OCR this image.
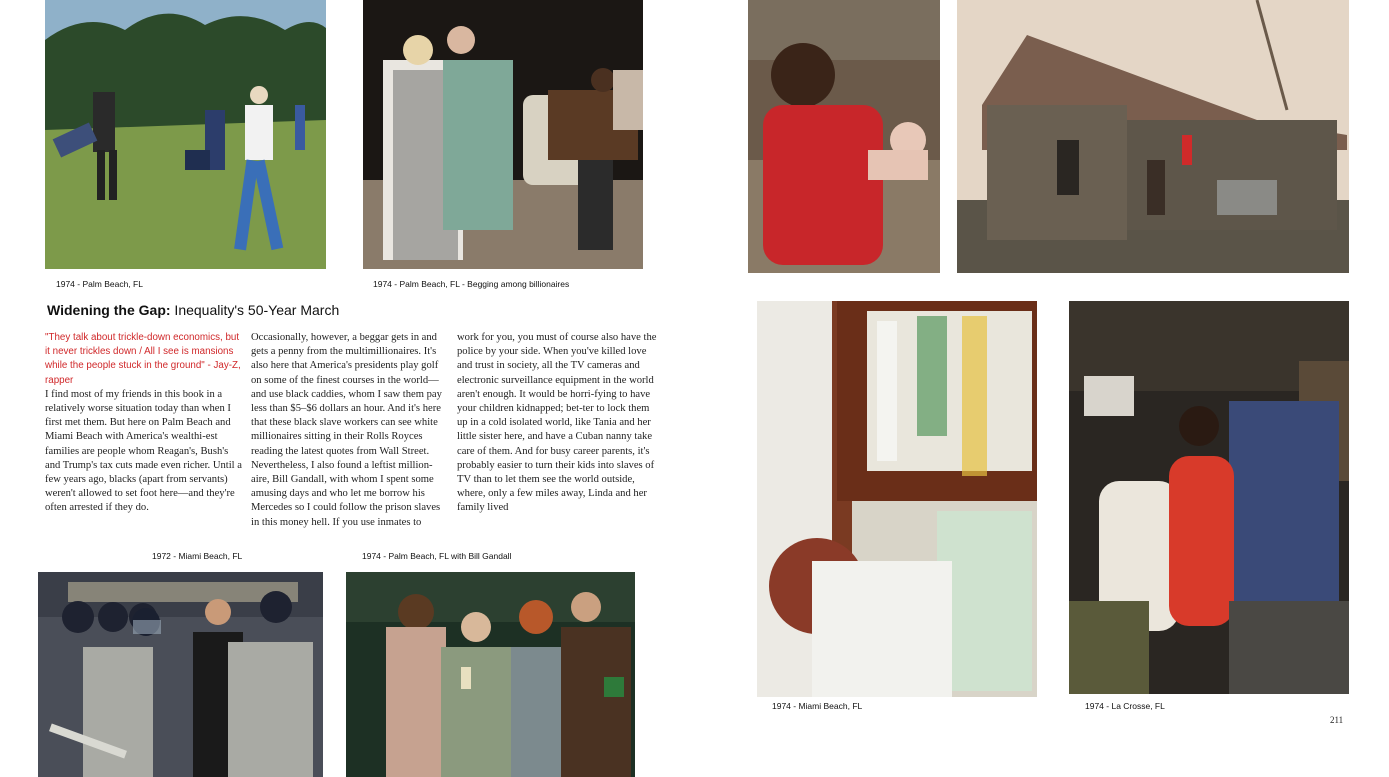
1974 - Palm Beach, FL	1974 - Palm Beach, FL - Begging among billionaires
Widening the Gap: Inequality's 50-Year March

"They talk about trickle-down economics, but it never trickles down / All I see is mansions while the people stuck in the ground" - Jay-Z, rapper

I find most of my friends in this book in a relatively worse situation today than when I first met them. But here on Palm Beach and Miami Beach with America's wealthi-est families are people whom Reagan's, Bush's and Trump's tax cuts made even richer. Until a few years ago, blacks (apart from servants) weren't allowed to set foot here—and they're often arrested if they do.

Occasionally, however, a beggar gets in and gets a penny from the multimillionaires. It's also here that America's presidents play golf on some of the finest courses in the world—and use black caddies, whom I saw them pay less than $5–$6 dollars an hour. And it's here that these black slave workers can see white millionaires sitting in their Rolls Royces reading the latest quotes from Wall Street.

Nevertheless, I also found a leftist million-aire, Bill Gandall, with whom I spent some amusing days and who let me borrow his Mercedes so I could follow the prison slaves in this money hell. If you use inmates to

work for you, you must of course also have the police by your side. When you've killed love and trust in society, all the TV cameras and electronic surveillance equipment in the world aren't enough. It would be horri-fying to have your children kidnapped; bet-ter to lock them up in a cold isolated world, like Tania and her little sister here, and have a Cuban nanny take care of them. And for busy career parents, it's probably easier to turn their kids into slaves of TV than to let them see the world outside, where, only a few miles away, Linda and her family lived

1972 - Miami Beach, FL	1974 - Palm Beach, FL with Bill Gandall
1974 - Miami Beach, FL	1974 - La Crosse, FL
211
